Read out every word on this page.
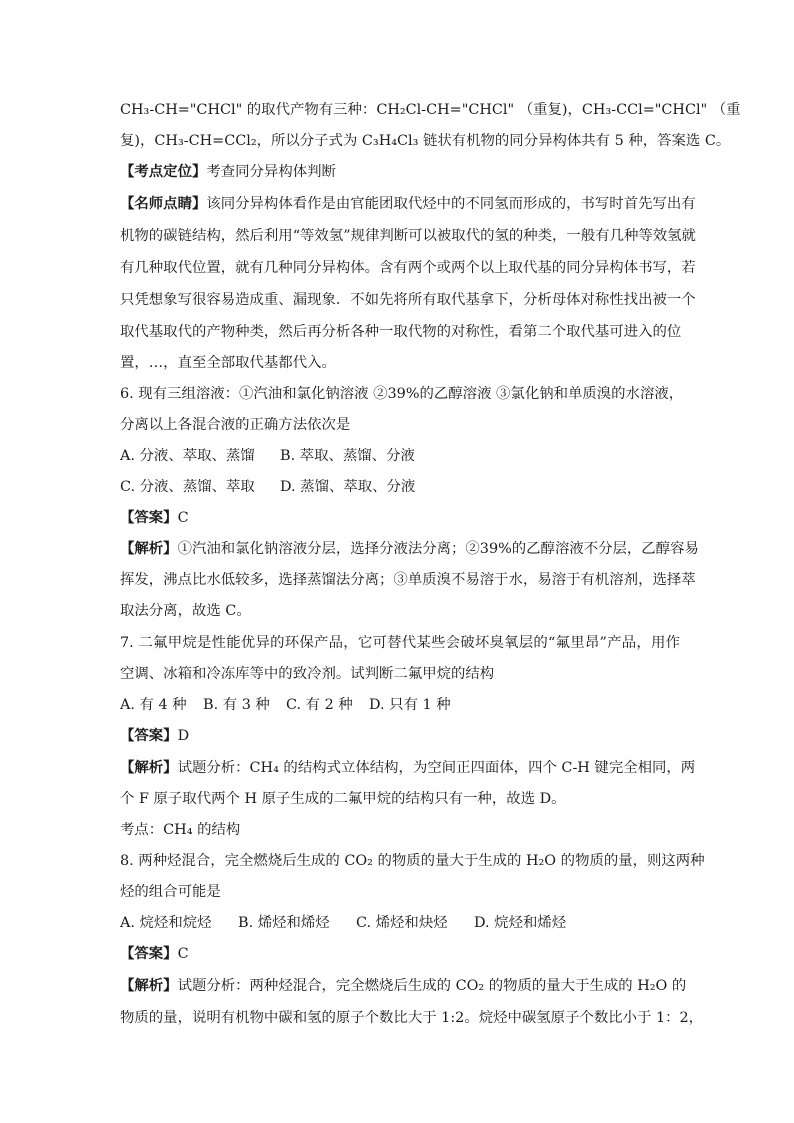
CH₃-CH="CHCl" 的取代产物有三种：CH₂Cl-CH="CHCl" （重复)，CH₃-CCl="CHCl" （重
复)，CH₃-CH=CCl₂，所以分子式为 C₃H₄Cl₃ 链状有机物的同分异构体共有 5 种，答案选 C。
【考点定位】考查同分异构体判断
【名师点睛】该同分异构体看作是由官能团取代烃中的不同氢而形成的，书写时首先写出有
机物的碳链结构，然后利用“等效氢”规律判断可以被取代的氢的种类，一般有几种等效氢就
有几种取代位置，就有几种同分异构体。含有两个或两个以上取代基的同分异构体书写，若
只凭想象写很容易造成重、漏现象．不如先将所有取代基拿下，分析母体对称性找出被一个
取代基取代的产物种类，然后再分析各种一取代物的对称性，看第二个取代基可进入的位
置，…，直至全部取代基都代入。
6. 现有三组溶液：①汽油和氯化钠溶液 ②39%的乙醇溶液 ③氯化钠和单质溴的水溶液，
分离以上各混合液的正确方法依次是
A. 分液、萃取、蒸馏 B. 萃取、蒸馏、分液
C. 分液、蒸馏、萃取 D. 蒸馏、萃取、分液
【答案】C
【解析】①汽油和氯化钠溶液分层，选择分液法分离；②39%的乙醇溶液不分层，乙醇容易
挥发，沸点比水低较多，选择蒸馏法分离；③单质溴不易溶于水，易溶于有机溶剂，选择萃
取法分离，故选 C。
7. 二氟甲烷是性能优异的环保产品，它可替代某些会破坏臭氧层的“氟里昂”产品，用作
空调、冰箱和冷冻库等中的致冷剂。试判断二氟甲烷的结构
A. 有 4 种 B. 有 3 种 C. 有 2 种 D. 只有 1 种
【答案】D
【解析】试题分析：CH₄ 的结构式立体结构，为空间正四面体，四个 C-H 键完全相同，两
个 F 原子取代两个 H 原子生成的二氟甲烷的结构只有一种，故选 D。
考点：CH₄ 的结构
8. 两种烃混合，完全燃烧后生成的 CO₂ 的物质的量大于生成的 H₂O 的物质的量，则这两种
烃的组合可能是
A. 烷烃和烷烃 B. 烯烃和烯烃 C. 烯烃和炔烃 D. 烷烃和烯烃
【答案】C
【解析】试题分析：两种烃混合，完全燃烧后生成的 CO₂ 的物质的量大于生成的 H₂O 的
物质的量，说明有机物中碳和氢的原子个数比大于 1:2。烷烃中碳氢原子个数比小于 1：2，
